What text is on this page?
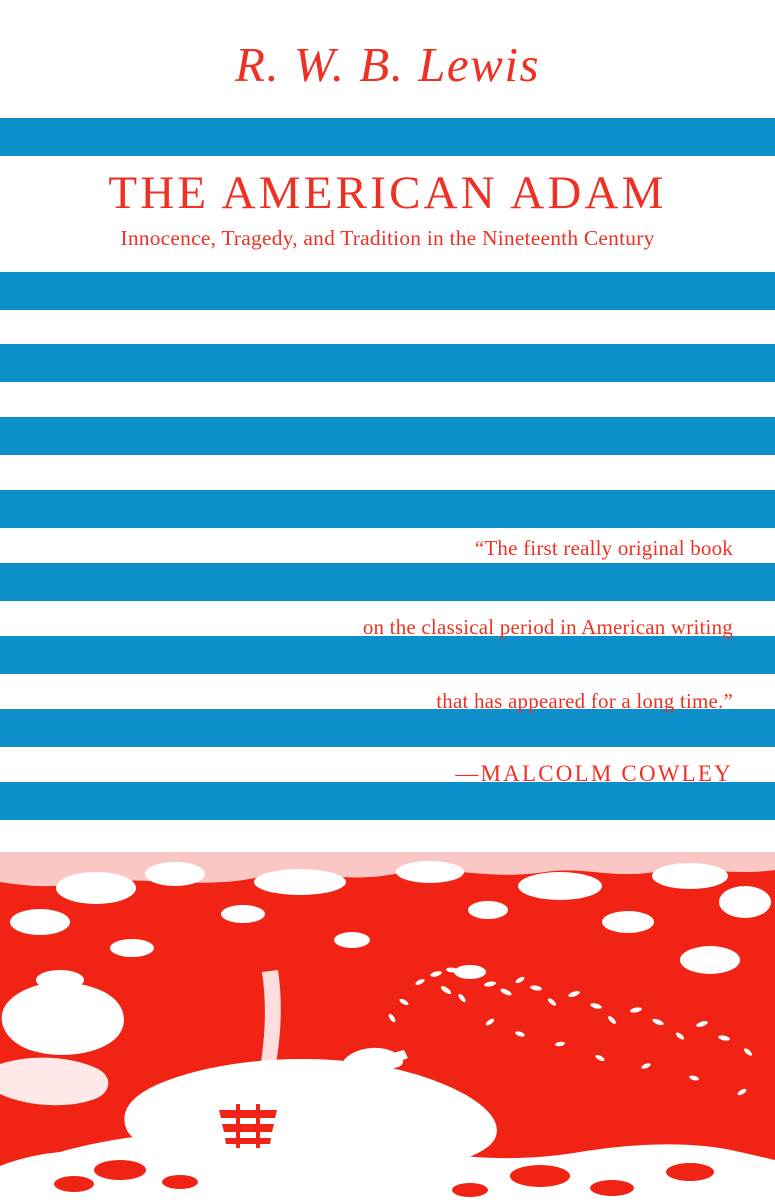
R. W. B. Lewis
THE AMERICAN ADAM
Innocence, Tragedy, and Tradition in the Nineteenth Century
“The first really original book
on the classical period in American writing
that has appeared for a long time.”
—MALCOLM COWLEY
